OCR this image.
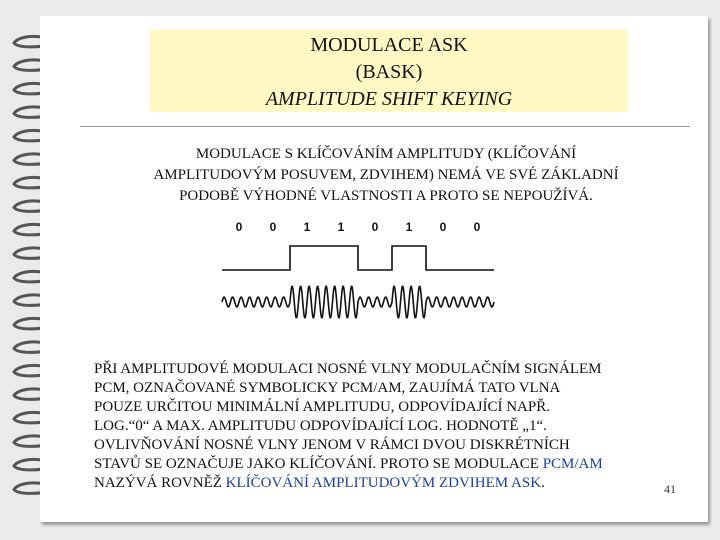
MODULACE ASK
(BASK)
AMPLITUDE SHIFT KEYING
MODULACE S KLÍČOVÁNÍM AMPLITUDY (KLÍČOVÁNÍ
AMPLITUDOVÝM POSUVEM, ZDVIHEM) NEMÁ VE SVÉ ZÁKLADNÍ
PODOBĚ VÝHODNÉ VLASTNOSTI A PROTO SE NEPOUŽÍVÁ.
0 0 1 1 0 1 0 0
PŘI AMPLITUDOVÉ MODULACI NOSNÉ VLNY MODULAČNÍM SIGNÁLEM
PCM, OZNAČOVANÉ SYMBOLICKY PCM/AM, ZAUJÍMÁ TATO VLNA
POUZE URČITOU MINIMÁLNÍ AMPLITUDU, ODPOVÍDAJÍCÍ NAPŘ.
LOG.“0“ A MAX. AMPLITUDU ODPOVÍDAJÍCÍ LOG. HODNOTĚ „1“.
OVLIVŇOVÁNÍ NOSNÉ VLNY JENOM V RÁMCI DVOU DISKRÉTNÍCH
STAVŮ SE OZNAČUJE JAKO KLÍČOVÁNÍ. PROTO SE MODULACE PCM/AM
NAZÝVÁ ROVNĚŽ KLÍČOVÁNÍ AMPLITUDOVÝM ZDVIHEM ASK.	41
